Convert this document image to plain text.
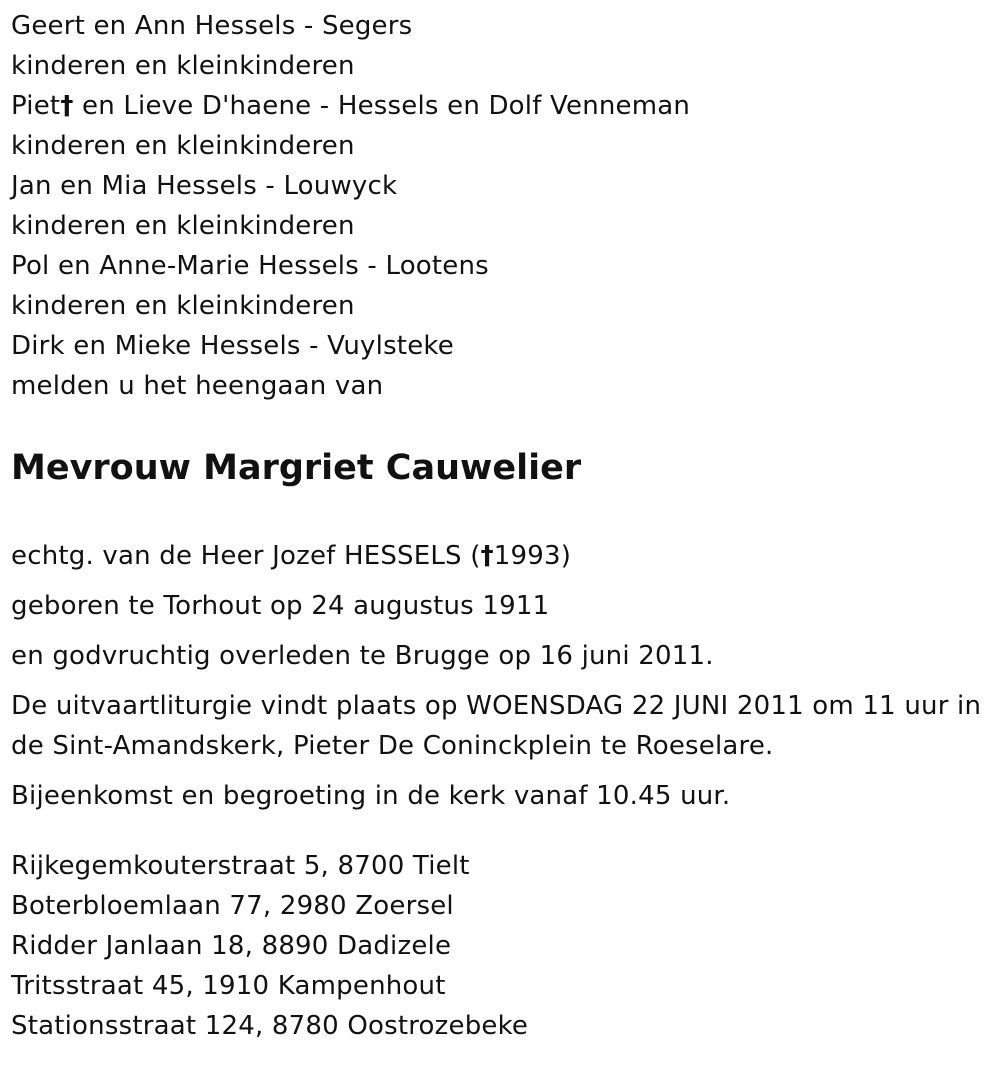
Geert en Ann Hessels - Segers
kinderen en kleinkinderen
Piet† en Lieve D'haene - Hessels en Dolf Venneman
kinderen en kleinkinderen
Jan en Mia Hessels - Louwyck
kinderen en kleinkinderen
Pol en Anne-Marie Hessels - Lootens
kinderen en kleinkinderen
Dirk en Mieke Hessels - Vuylsteke
melden u het heengaan van
Mevrouw Margriet Cauwelier
echtg. van de Heer Jozef HESSELS (†1993)
geboren te Torhout op 24 augustus 1911
en godvruchtig overleden te Brugge op 16 juni 2011.
De uitvaartliturgie vindt plaats op WOENSDAG 22 JUNI 2011 om 11 uur in de Sint-Amandskerk, Pieter De Coninckplein te Roeselare.
Bijeenkomst en begroeting in de kerk vanaf 10.45 uur.
Rijkegemkouterstraat 5, 8700 Tielt
Boterbloemlaan 77, 2980 Zoersel
Ridder Janlaan 18, 8890 Dadizele
Tritsstraat 45, 1910 Kampenhout
Stationsstraat 124, 8780 Oostrozebeke
